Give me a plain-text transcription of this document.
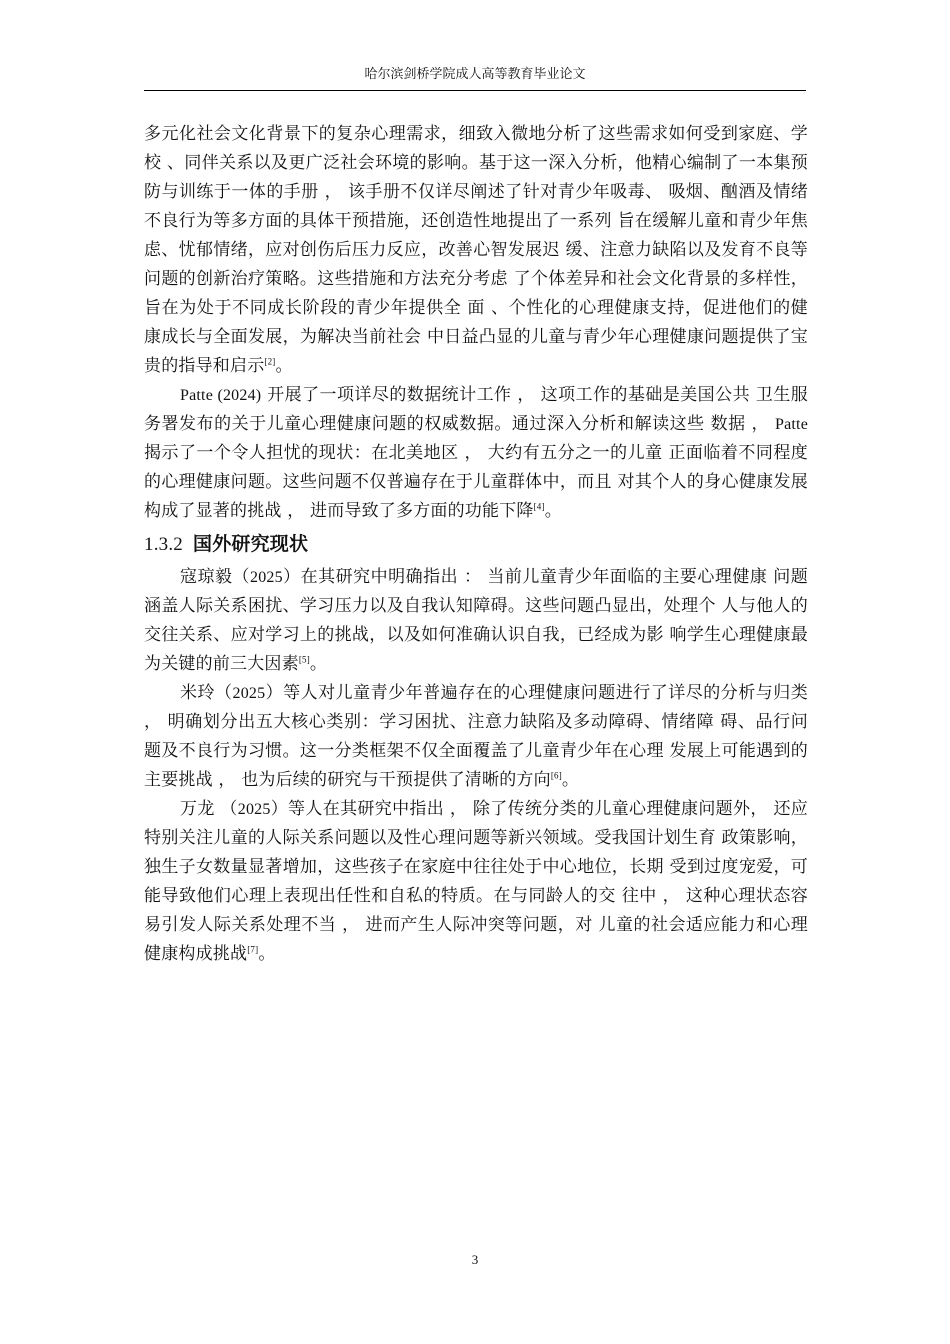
哈尔滨剑桥学院成人高等教育毕业论文

多元化社会文化背景下的复杂心理需求，细致入微地分析了这些需求如何受到家庭、学校 、同伴关系以及更广泛社会环境的影响。基于这一深入分析，他精心编制了一本集预防与训练于一体的手册 ， 该手册不仅详尽阐述了针对青少年吸毒、 吸烟、酗酒及情绪不良行为等多方面的具体干预措施，还创造性地提出了一系列 旨在缓解儿童和青少年焦虑、忧郁情绪，应对创伤后压力反应，改善心智发展迟 缓、注意力缺陷以及发育不良等问题的创新治疗策略。这些措施和方法充分考虑 了个体差异和社会文化背景的多样性，旨在为处于不同成长阶段的青少年提供全 面 、个性化的心理健康支持，促进他们的健康成长与全面发展，为解决当前社会 中日益凸显的儿童与青少年心理健康问题提供了宝贵的指导和启示[2]。

Patte (2024) 开展了一项详尽的数据统计工作 ， 这项工作的基础是美国公共 卫生服务署发布的关于儿童心理健康问题的权威数据。通过深入分析和解读这些 数据 ， Patte 揭示了一个令人担忧的现状：在北美地区 ， 大约有五分之一的儿童 正面临着不同程度的心理健康问题。这些问题不仅普遍存在于儿童群体中，而且 对其个人的身心健康发展构成了显著的挑战 ， 进而导致了多方面的功能下降[4]。

1.3.2 国外研究现状

寇琼毅（2025）在其研究中明确指出 ： 当前儿童青少年面临的主要心理健康 问题涵盖人际关系困扰、学习压力以及自我认知障碍。这些问题凸显出，处理个 人与他人的交往关系、应对学习上的挑战，以及如何准确认识自我，已经成为影 响学生心理健康最为关键的前三大因素[5]。

米玲（2025）等人对儿童青少年普遍存在的心理健康问题进行了详尽的分析与归类 ， 明确划分出五大核心类别：学习困扰、注意力缺陷及多动障碍、情绪障 碍、品行问题及不良行为习惯。这一分类框架不仅全面覆盖了儿童青少年在心理 发展上可能遇到的主要挑战 ， 也为后续的研究与干预提供了清晰的方向[6]。

万龙 （2025）等人在其研究中指出 ， 除了传统分类的儿童心理健康问题外， 还应特别关注儿童的人际关系问题以及性心理问题等新兴领域。受我国计划生育 政策影响，独生子女数量显著增加，这些孩子在家庭中往往处于中心地位，长期 受到过度宠爱，可能导致他们心理上表现出任性和自私的特质。在与同龄人的交 往中 ， 这种心理状态容易引发人际关系处理不当 ， 进而产生人际冲突等问题，对 儿童的社会适应能力和心理健康构成挑战[7]。

3
